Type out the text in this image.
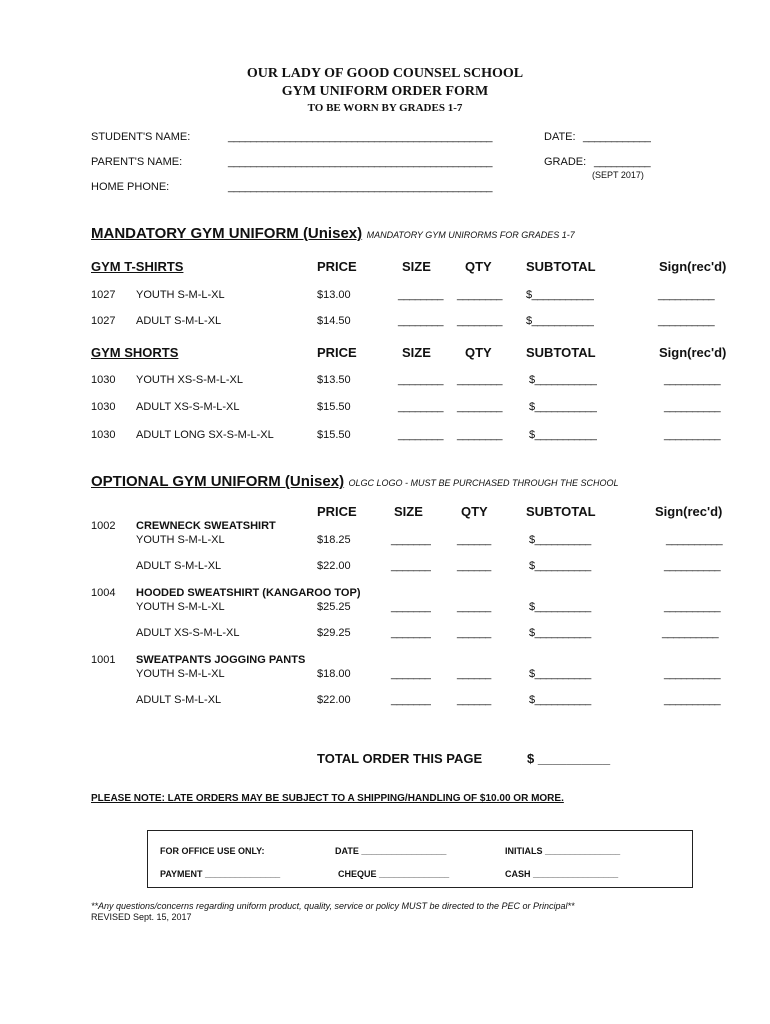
OUR LADY OF GOOD COUNSEL SCHOOL
GYM UNIFORM ORDER FORM
TO BE WORN BY GRADES 1-7
STUDENT'S NAME:	_______________________________________________	DATE: ____________
PARENT'S NAME:	_______________________________________________	GRADE: __________
(SEPT 2017)
HOME PHONE:	_______________________________________________
MANDATORY GYM UNIFORM (Unisex) MANDATORY GYM UNIRORMS FOR GRADES 1-7
GYM T-SHIRTS	PRICE	SIZE	QTY	SUBTOTAL	Sign(rec'd)
1027 YOUTH S-M-L-XL	$13.00	________ ________ $___________	__________
1027 ADULT S-M-L-XL	$14.50	________ ________ $___________	__________
GYM SHORTS	PRICE	SIZE	QTY	SUBTOTAL	Sign(rec'd)
1030 YOUTH XS-S-M-L-XL	$13.50	________ ________ $___________	__________
1030 ADULT XS-S-M-L-XL	$15.50	________ ________ $___________	__________
1030 ADULT LONG SX-S-M-L-XL	$15.50	________ ________ $___________	__________
OPTIONAL GYM UNIFORM (Unisex) OLGC LOGO - MUST BE PURCHASED THROUGH THE SCHOOL
PRICE	SIZE	QTY	SUBTOTAL	Sign(rec'd)
1002 CREWNECK SWEATSHIRT
YOUTH S-M-L-XL	$18.25	_______ ______	$__________	__________
ADULT S-M-L-XL	$22.00	_______ ______	$__________	__________
1004 HOODED SWEATSHIRT (KANGAROO TOP)
YOUTH S-M-L-XL	$25.25	_______ ______	$__________	__________
ADULT XS-S-M-L-XL	$29.25	_______ ______	$__________	__________
1001 SWEATPANTS JOGGING PANTS
YOUTH S-M-L-XL	$18.00	_______ ______	$__________	__________
ADULT S-M-L-XL	$22.00	_______ ______	$__________	__________
TOTAL ORDER THIS PAGE	$ __________
PLEASE NOTE: LATE ORDERS MAY BE SUBJECT TO A SHIPPING/HANDLING OF $10.00 OR MORE.
FOR OFFICE USE ONLY:	DATE _________________	INITIALS _______________
PAYMENT _______________	CHEQUE ______________	CASH _________________
**Any questions/concerns regarding uniform product, quality, service or policy MUST be directed to the PEC or Principal**
REVISED Sept. 15, 2017
